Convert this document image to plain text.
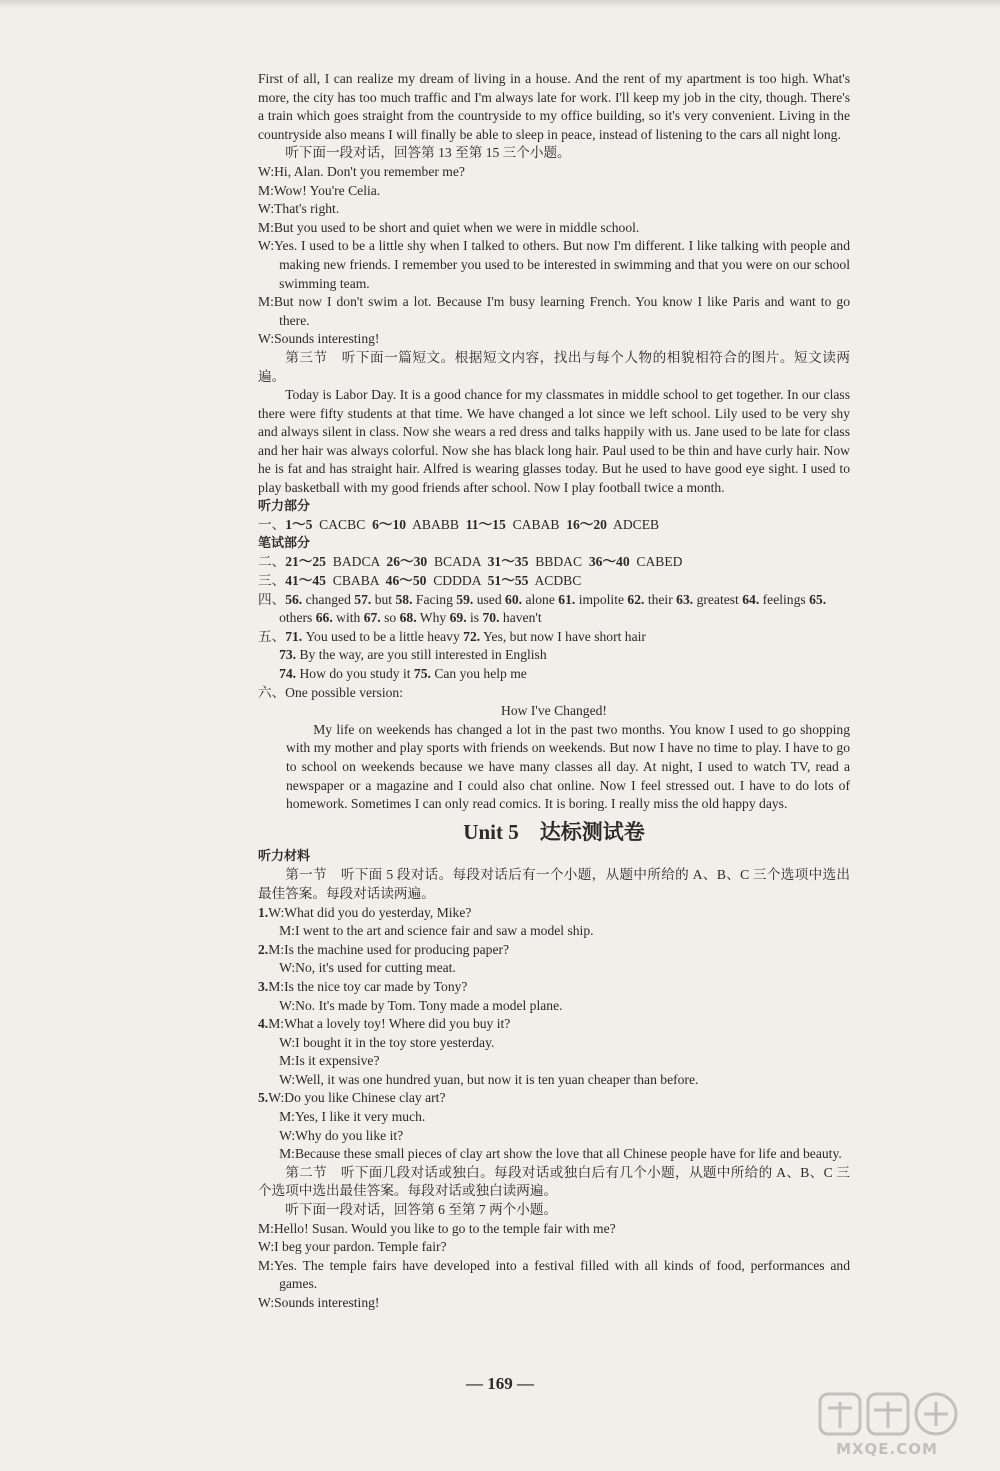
First of all, I can realize my dream of living in a house. And the rent of my apartment is too high. What's more, the city has too much traffic and I'm always late for work. I'll keep my job in the city, though. There's a train which goes straight from the countryside to my office building, so it's very convenient. Living in the countryside also means I will finally be able to sleep in peace, instead of listening to the cars all night long.

听下面一段对话，回答第 13 至第 15 三个小题。

W:Hi, Alan. Don't you remember me?

M:Wow! You're Celia.

W:That's right.

M:But you used to be short and quiet when we were in middle school.

W:Yes. I used to be a little shy when I talked to others. But now I'm different. I like talking with people and making new friends. I remember you used to be interested in swimming and that you were on our school swimming team.

M:But now I don't swim a lot. Because I'm busy learning French. You know I like Paris and want to go there.

W:Sounds interesting!

第三节　听下面一篇短文。根据短文内容，找出与每个人物的相貌相符合的图片。短文读两遍。

Today is Labor Day. It is a good chance for my classmates in middle school to get together. In our class there were fifty students at that time. We have changed a lot since we left school. Lily used to be very shy and always silent in class. Now she wears a red dress and talks happily with us. Jane used to be late for class and her hair was always colorful. Now she has black long hair. Paul used to be thin and have curly hair. Now he is fat and has straight hair. Alfred is wearing glasses today. But he used to have good eye sight. I used to play basketball with my good friends after school. Now I play football twice a month.

听力部分

一、1～5 CACBC 6～10 ABABB 11～15 CABAB 16～20 ADCEB

笔试部分

二、21～25 BADCA 26～30 BCADA 31～35 BBDAC 36～40 CABED

三、41～45 CBABA 46～50 CDDDA 51～55 ACDBC

四、56. changed 57. but 58. Facing 59. used 60. alone 61. impolite 62. their 63. greatest 64. feelings 65. others 66. with 67. so 68. Why 69. is 70. haven't

五、71. You used to be a little heavy 72. Yes, but now I have short hair

73. By the way, are you still interested in English

74. How do you study it 75. Can you help me

六、One possible version:

How I've Changed!

My life on weekends has changed a lot in the past two months. You know I used to go shopping with my mother and play sports with friends on weekends. But now I have no time to play. I have to go to school on weekends because we have many classes all day. At night, I used to watch TV, read a newspaper or a magazine and I could also chat online. Now I feel stressed out. I have to do lots of homework. Sometimes I can only read comics. It is boring. I really miss the old happy days.

Unit 5　达标测试卷

听力材料

第一节　听下面 5 段对话。每段对话后有一个小题，从题中所给的 A、B、C 三个选项中选出最佳答案。每段对话读两遍。

1.W:What did you do yesterday, Mike?

M:I went to the art and science fair and saw a model ship.

2.M:Is the machine used for producing paper?

W:No, it's used for cutting meat.

3.M:Is the nice toy car made by Tony?

W:No. It's made by Tom. Tony made a model plane.

4.M:What a lovely toy! Where did you buy it?

W:I bought it in the toy store yesterday.

M:Is it expensive?

W:Well, it was one hundred yuan, but now it is ten yuan cheaper than before.

5.W:Do you like Chinese clay art?

M:Yes, I like it very much.

W:Why do you like it?

M:Because these small pieces of clay art show the love that all Chinese people have for life and beauty.

第二节　听下面几段对话或独白。每段对话或独白后有几个小题，从题中所给的 A、B、C 三个选项中选出最佳答案。每段对话或独白读两遍。

听下面一段对话，回答第 6 至第 7 两个小题。

M:Hello! Susan. Would you like to go to the temple fair with me?

W:I beg your pardon. Temple fair?

M:Yes. The temple fairs have developed into a festival filled with all kinds of food, performances and games.

W:Sounds interesting!

— 169 —
MXQE.COM
